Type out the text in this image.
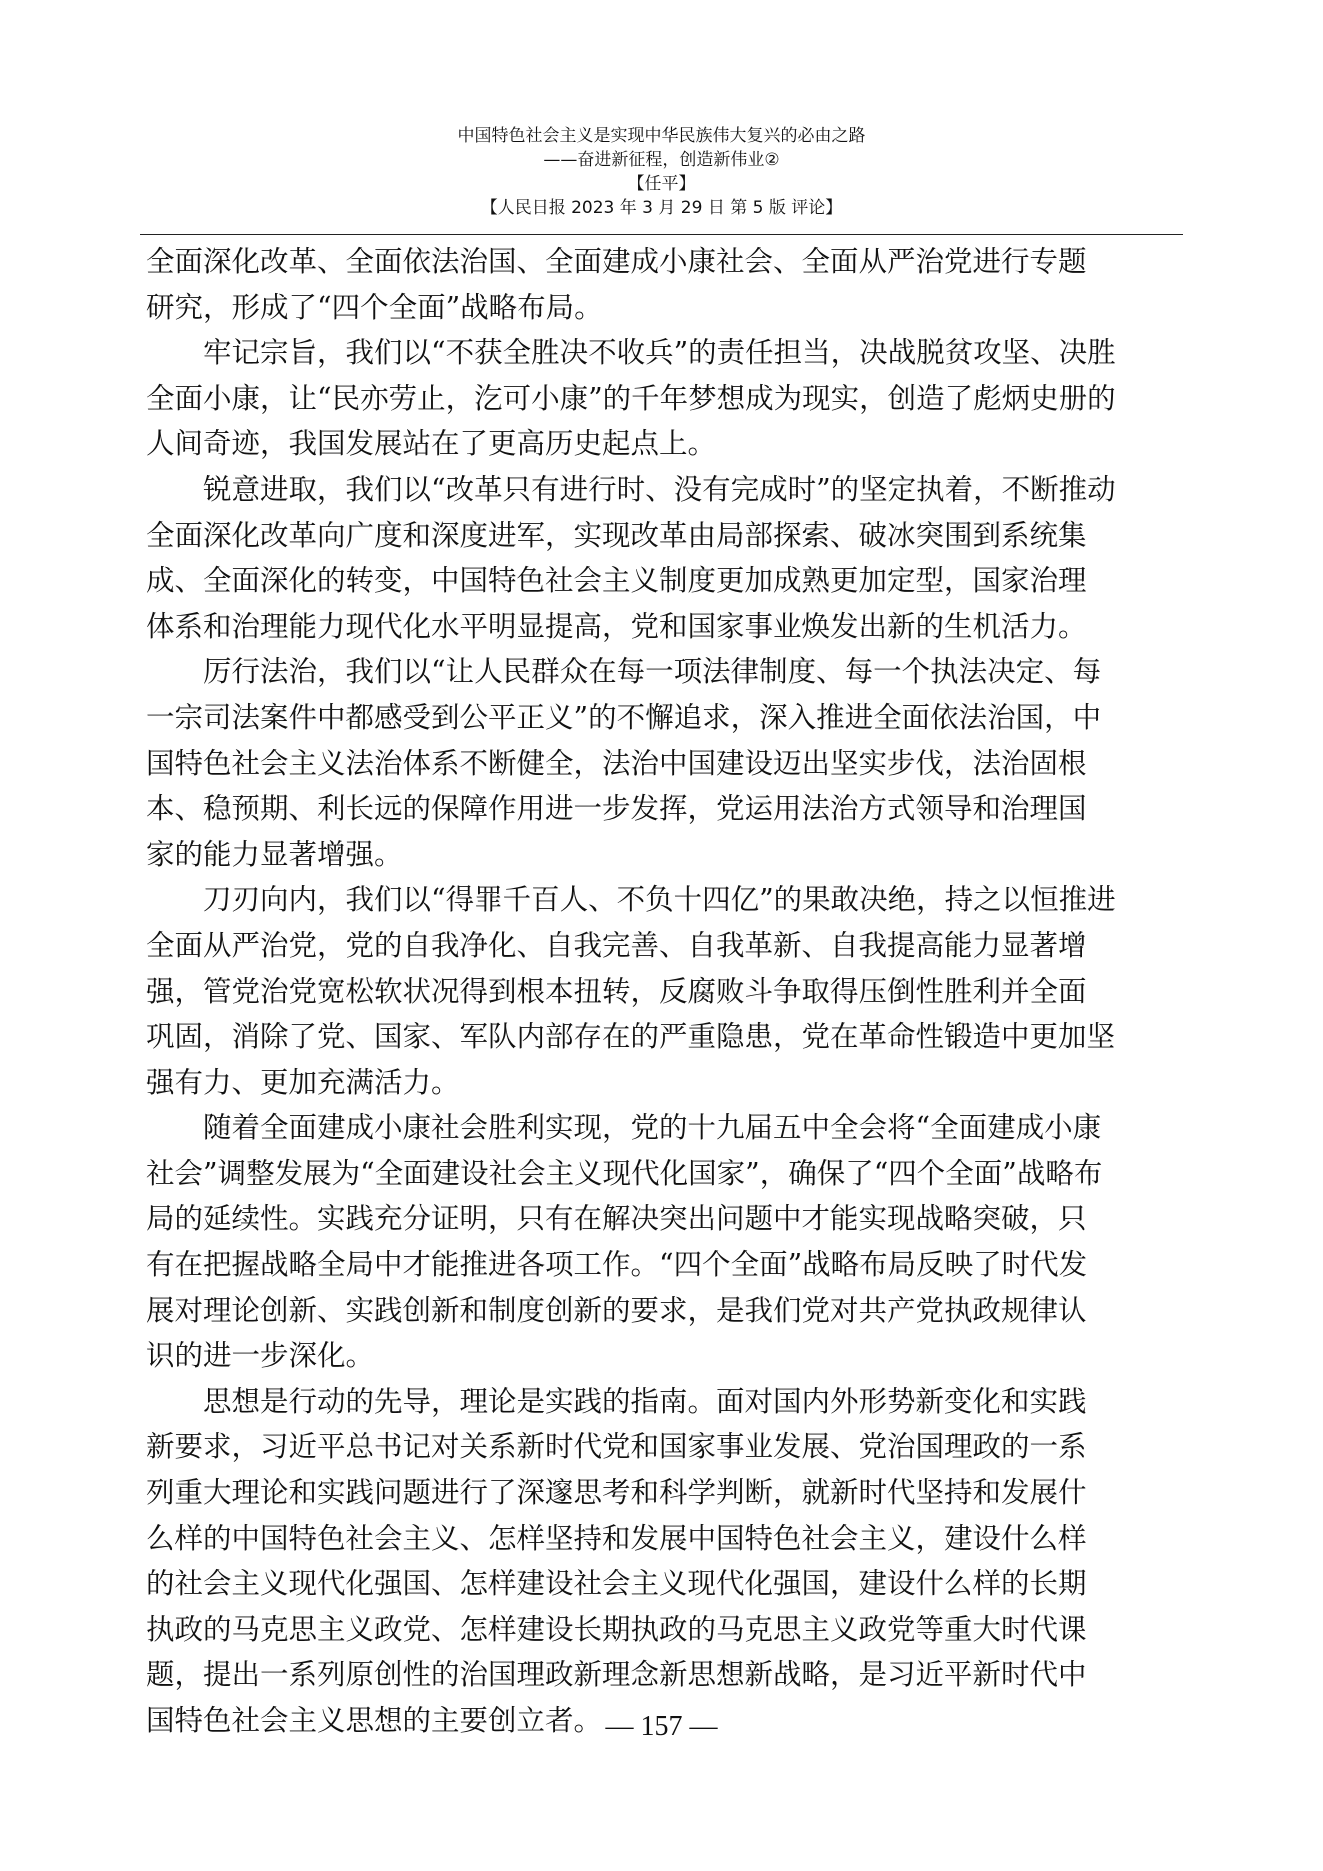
中国特色社会主义是实现中华民族伟大复兴的必由之路
——奋进新征程，创造新伟业②
【任平】
【人民日报 2023 年 3 月 29 日 第 5 版 评论】
全面深化改革、全面依法治国、全面建成小康社会、全面从严治党进行专题
研究，形成了“四个全面”战略布局。
牢记宗旨，我们以“不获全胜决不收兵”的责任担当，决战脱贫攻坚、决胜
全面小康，让“民亦劳止，汔可小康”的千年梦想成为现实，创造了彪炳史册的
人间奇迹，我国发展站在了更高历史起点上。
锐意进取，我们以“改革只有进行时、没有完成时”的坚定执着，不断推动
全面深化改革向广度和深度进军，实现改革由局部探索、破冰突围到系统集
成、全面深化的转变，中国特色社会主义制度更加成熟更加定型，国家治理
体系和治理能力现代化水平明显提高，党和国家事业焕发出新的生机活力。
厉行法治，我们以“让人民群众在每一项法律制度、每一个执法决定、每
一宗司法案件中都感受到公平正义”的不懈追求，深入推进全面依法治国，中
国特色社会主义法治体系不断健全，法治中国建设迈出坚实步伐，法治固根
本、稳预期、利长远的保障作用进一步发挥，党运用法治方式领导和治理国
家的能力显著增强。
刀刃向内，我们以“得罪千百人、不负十四亿”的果敢决绝，持之以恒推进
全面从严治党，党的自我净化、自我完善、自我革新、自我提高能力显著增
强，管党治党宽松软状况得到根本扭转，反腐败斗争取得压倒性胜利并全面
巩固，消除了党、国家、军队内部存在的严重隐患，党在革命性锻造中更加坚
强有力、更加充满活力。
随着全面建成小康社会胜利实现，党的十九届五中全会将“全面建成小康
社会”调整发展为“全面建设社会主义现代化国家”，确保了“四个全面”战略布
局的延续性。实践充分证明，只有在解决突出问题中才能实现战略突破，只
有在把握战略全局中才能推进各项工作。“四个全面”战略布局反映了时代发
展对理论创新、实践创新和制度创新的要求，是我们党对共产党执政规律认
识的进一步深化。
思想是行动的先导，理论是实践的指南。面对国内外形势新变化和实践
新要求，习近平总书记对关系新时代党和国家事业发展、党治国理政的一系
列重大理论和实践问题进行了深邃思考和科学判断，就新时代坚持和发展什
么样的中国特色社会主义、怎样坚持和发展中国特色社会主义，建设什么样
的社会主义现代化强国、怎样建设社会主义现代化强国，建设什么样的长期
执政的马克思主义政党、怎样建设长期执政的马克思主义政党等重大时代课
题，提出一系列原创性的治国理政新理念新思想新战略，是习近平新时代中
国特色社会主义思想的主要创立者。 — 157 —
